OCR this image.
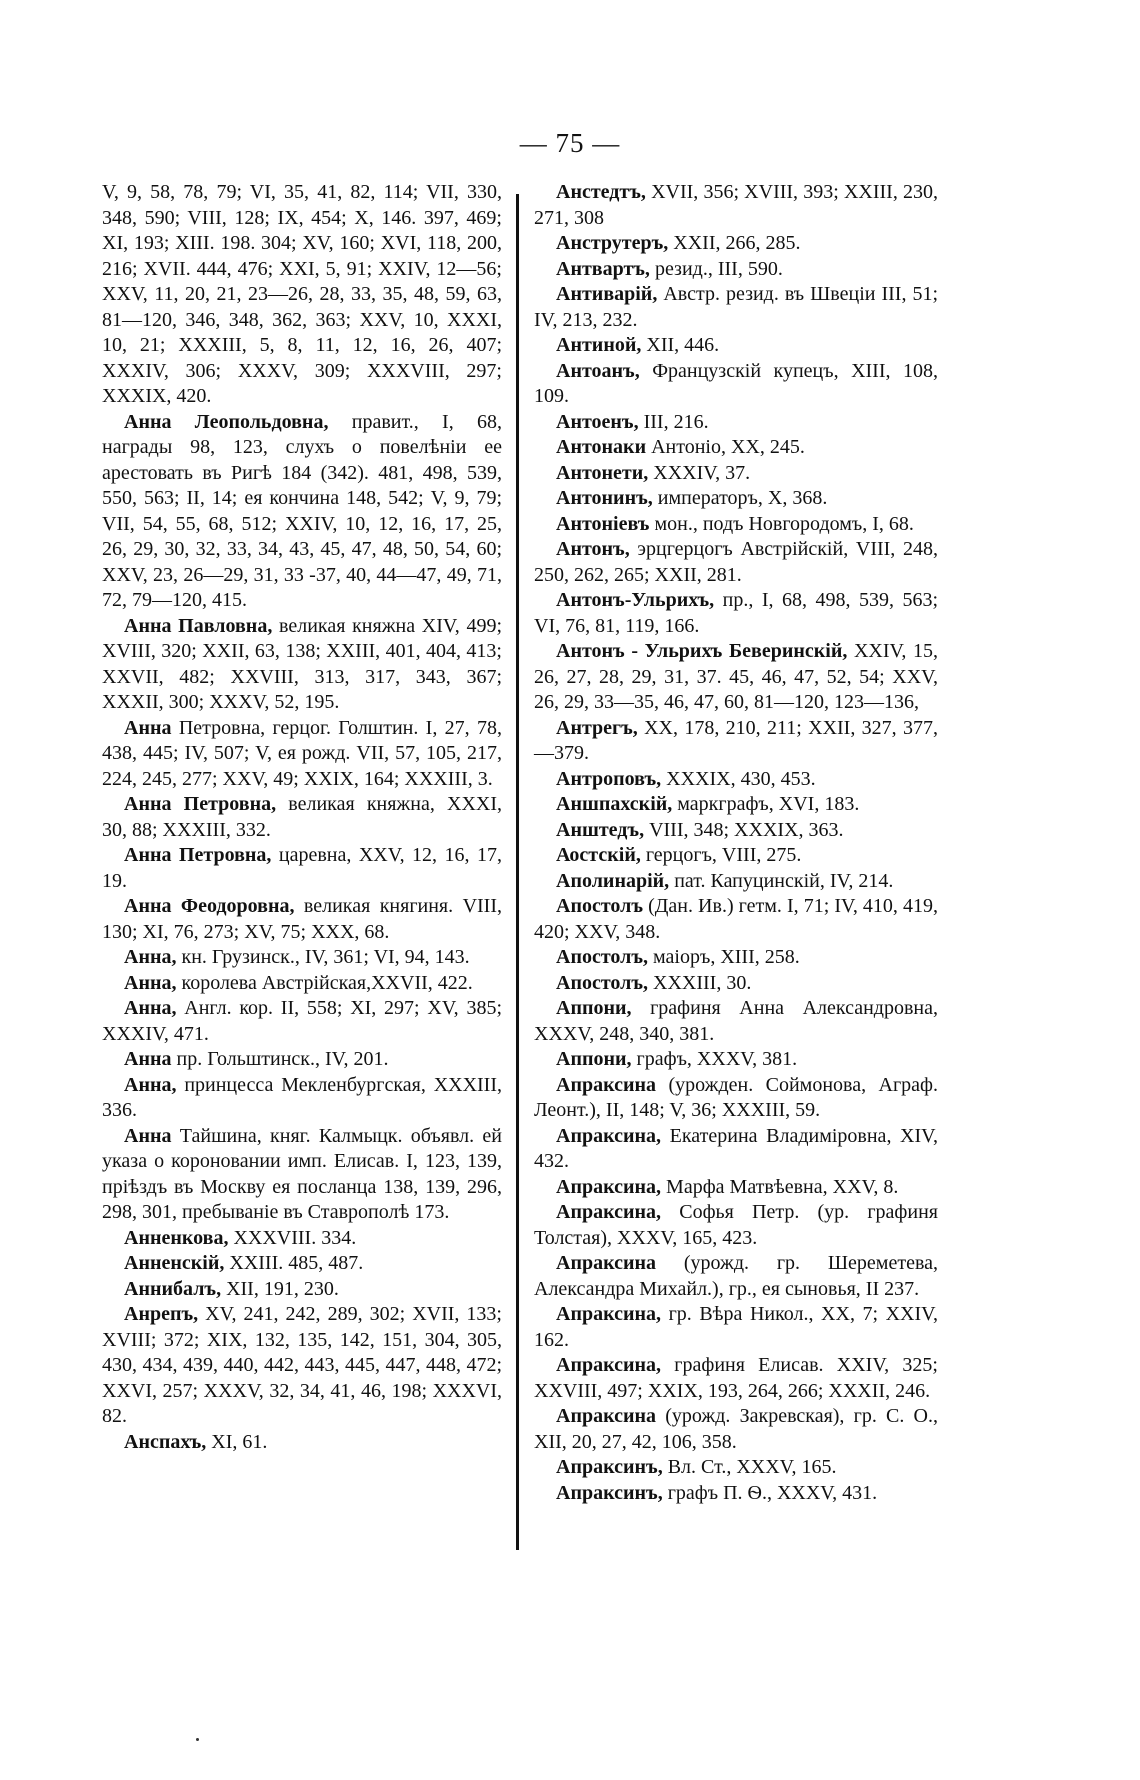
— 75 —

V, 9, 58, 78, 79; VI, 35, 41, 82, 114; VII, 330, 348, 590; VIII, 128; IX, 454; X, 146. 397, 469; XI, 193; XIII. 198. 304; XV, 160; XVI, 118, 200, 216; XVII. 444, 476; XXI, 5, 91; XXIV, 12—56; XXV, 11, 20, 21, 23—26, 28, 33, 35, 48, 59, 63, 81—120, 346, 348, 362, 363; XXV, 10, XXXI, 10, 21; XXXIII, 5, 8, 11, 12, 16, 26, 407; XXXIV, 306; XXXV, 309; XXXVIII, 297; XXXIX, 420.

Анна Леопольдовна, правит., I, 68, награды 98, 123, слухъ о повелѣніи ее арестовать въ Ригѣ 184 (342). 481, 498, 539, 550, 563; II, 14; ея кончина 148, 542; V, 9, 79; VII, 54, 55, 68, 512; XXIV, 10, 12, 16, 17, 25, 26, 29, 30, 32, 33, 34, 43, 45, 47, 48, 50, 54, 60; XXV, 23, 26—29, 31, 33 -37, 40, 44—47, 49, 71, 72, 79—120, 415.

Анна Павловна, великая княжна XIV, 499; XVIII, 320; XXII, 63, 138; XXIII, 401, 404, 413; XXVII, 482; XXVIII, 313, 317, 343, 367; XXXII, 300; XXXV, 52, 195.

Анна Петровна, герцог. Голштин. I, 27, 78, 438, 445; IV, 507; V, ея рожд. VII, 57, 105, 217, 224, 245, 277; XXV, 49; XXIX, 164; XXXIII, 3.

Анна Петровна, великая княжна, XXXI, 30, 88; XXXIII, 332.

Анна Петровна, царевна, XXV, 12, 16, 17, 19.

Анна Феодоровна, великая княгиня. VIII, 130; XI, 76, 273; XV, 75; XXX, 68.

Анна, кн. Грузинск., IV, 361; VI, 94, 143.

Анна, королева Австрійская,XXVII, 422.

Анна, Англ. кор. II, 558; XI, 297; XV, 385; XXXIV, 471.

Анна пр. Гольштинск., IV, 201.

Анна, принцесса Мекленбургская, XXXIII, 336.

Анна Тайшина, княг. Калмыцк. объявл. ей указа о короновании имп. Елисав. I, 123, 139, пріѣздъ въ Москву ея посланца 138, 139, 296, 298, 301, пребываніе въ Ставрополѣ 173.

Анненкова, XXXVIII. 334.

Анненскій, XXIII. 485, 487.

Аннибалъ, XII, 191, 230.

Анрепъ, XV, 241, 242, 289, 302; XVII, 133; XVIII; 372; XIX, 132, 135, 142, 151, 304, 305, 430, 434, 439, 440, 442, 443, 445, 447, 448, 472; XXVI, 257; XXXV, 32, 34, 41, 46, 198; XXXVI, 82.

Анспахъ, XI, 61.

Анстедтъ, XVII, 356; XVIII, 393; XXIII, 230, 271, 308

Анструтеръ, XXII, 266, 285.

Антвартъ, резид., III, 590.

Антиварій, Австр. резид. въ Швеціи III, 51; IV, 213, 232.

Антиной, XII, 446.

Антоанъ, Французскій купецъ, XIII, 108, 109.

Антоенъ, III, 216.

Антонаки Антоніо, XX, 245.

Антонети, XXXIV, 37.

Антонинъ, императоръ, X, 368.

Антоніевъ мон., подъ Новгородомъ, I, 68.

Антонъ, эрцгерцогъ Австрійскій, VIII, 248, 250, 262, 265; XXII, 281.

Антонъ-Ульрихъ, пр., I, 68, 498, 539, 563; VI, 76, 81, 119, 166.

Антонъ - Ульрихъ Беверинскій, XXIV, 15, 26, 27, 28, 29, 31, 37. 45, 46, 47, 52, 54; XXV, 26, 29, 33—35, 46, 47, 60, 81—120, 123—136,

Антрегъ, XX, 178, 210, 211; XXII, 327, 377,—379.

Антроповъ, XXXIX, 430, 453.

Аншпахскій, маркграфъ, XVI, 183.

Анштедъ, VIII, 348; XXXIX, 363.

Аостскій, герцогъ, VIII, 275.

Аполинарій, пат. Капуцинскій, IV, 214.

Апостолъ (Дан. Ив.) гетм. I, 71; IV, 410, 419, 420; XXV, 348.

Апостолъ, маіоръ, XIII, 258.

Апостолъ, XXXIII, 30.

Аппони, графиня Анна Александровна, XXXV, 248, 340, 381.

Аппони, графъ, XXXV, 381.

Апраксина (урожден. Соймонова, Аграф. Леонт.), II, 148; V, 36; XXXIII, 59.

Апраксина, Екатерина Владиміровна, XIV, 432.

Апраксина, Марфа Матвѣевна, XXV, 8.

Апраксина, Софья Петр. (ур. графиня Толстая), XXXV, 165, 423.

Апраксина (урожд. гр. Шереметева, Александра Михайл.), гр., ея сыновья, II 237.

Апраксина, гр. Вѣра Никол., XX, 7; XXIV, 162.

Апраксина, графиня Елисав. XXIV, 325; XXVIII, 497; XXIX, 193, 264, 266; XXXII, 246.

Апраксина (урожд. Закревская), гр. С. О., XII, 20, 27, 42, 106, 358.

Апраксинъ, Вл. Ст., XXXV, 165.

Апраксинъ, графъ П. Ѳ., XXXV, 431.
